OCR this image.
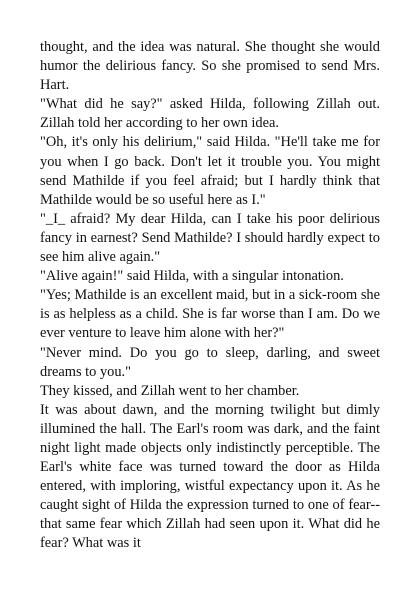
thought, and the idea was natural. She thought she would humor the delirious fancy. So she promised to send Mrs. Hart.

"What did he say?" asked Hilda, following Zillah out. Zillah told her according to her own idea.

"Oh, it's only his delirium," said Hilda. "He'll take me for you when I go back. Don't let it trouble you. You might send Mathilde if you feel afraid; but I hardly think that Mathilde would be so useful here as I."

"_I_ afraid? My dear Hilda, can I take his poor delirious fancy in earnest? Send Mathilde? I should hardly expect to see him alive again."

"Alive again!" said Hilda, with a singular intonation.

"Yes; Mathilde is an excellent maid, but in a sick-room she is as helpless as a child. She is far worse than I am. Do we ever venture to leave him alone with her?"

"Never mind. Do you go to sleep, darling, and sweet dreams to you."

They kissed, and Zillah went to her chamber.

It was about dawn, and the morning twilight but dimly illumined the hall. The Earl's room was dark, and the faint night light made objects only indistinctly perceptible. The Earl's white face was turned toward the door as Hilda entered, with imploring, wistful expectancy upon it. As he caught sight of Hilda the expression turned to one of fear--that same fear which Zillah had seen upon it. What did he fear? What was it
